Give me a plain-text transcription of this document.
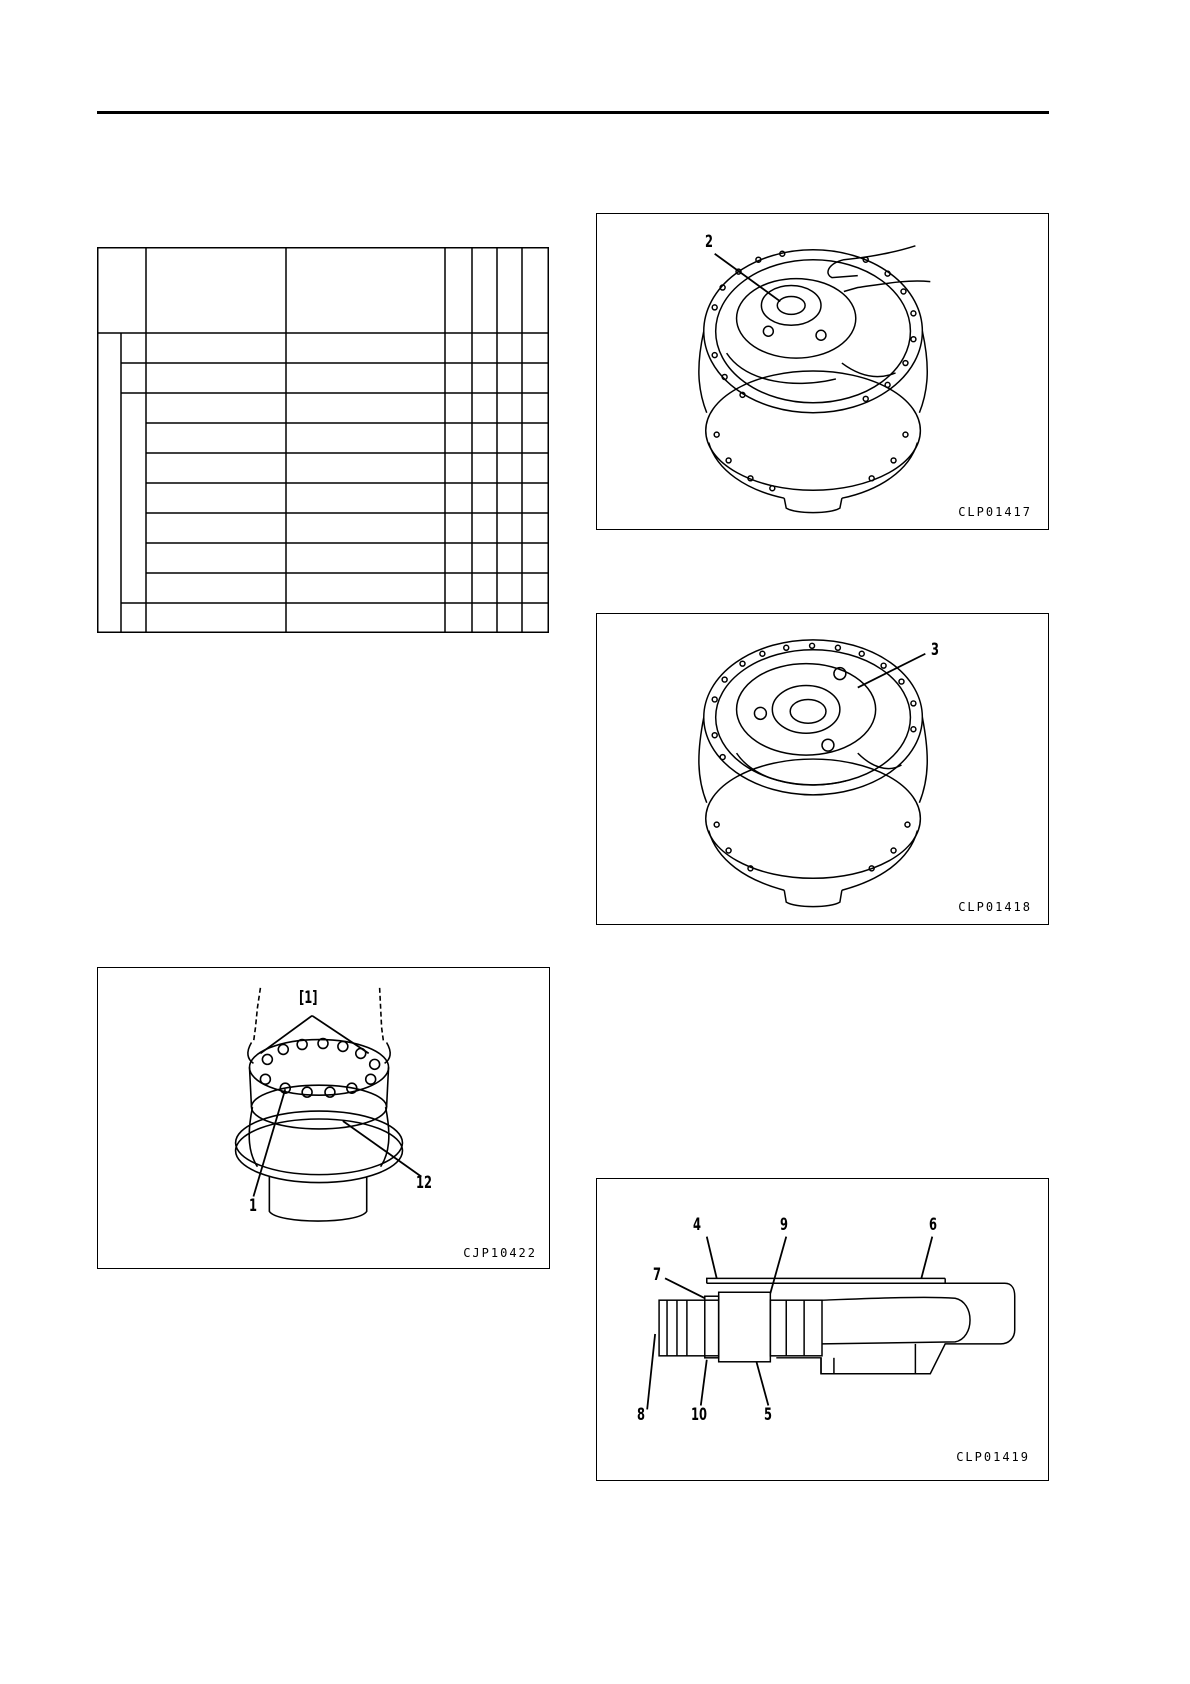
[1]
1
12
CJP10422
2
CLP01417
3
CLP01418
4	9	6
7
8	10	5
CLP01419
